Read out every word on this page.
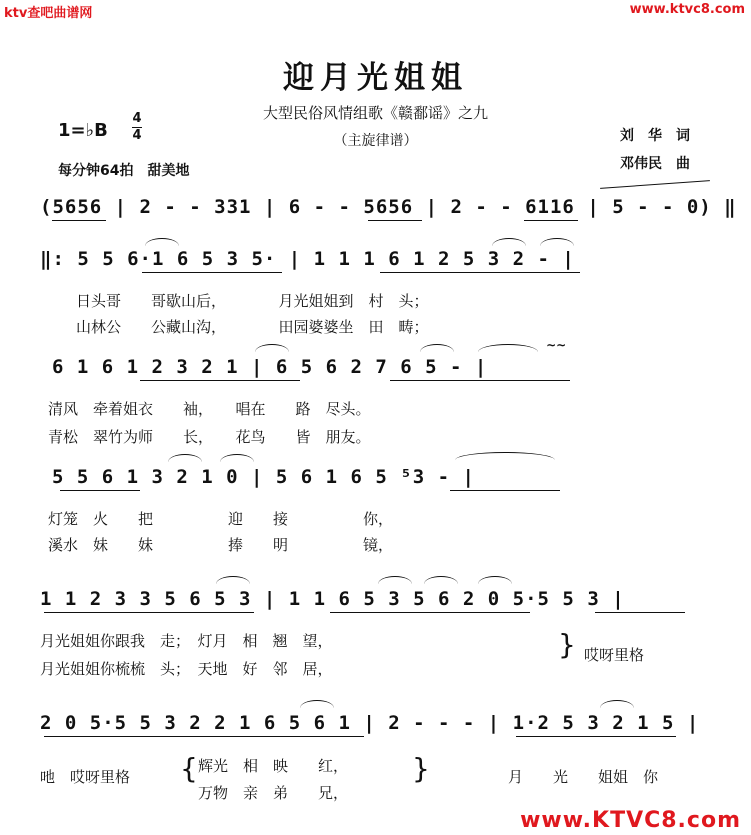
ktv查吧曲谱网	www.ktvc8.com
www.KTVC8.com
迎月光姐姐
大型民俗风情组歌《赣鄱谣》之九
（主旋律谱）
1=♭B
4
4
每分钟64拍　甜美地
刘　华　词
邓伟民　曲
(5656 | 2 - - 331 | 6 - - 5656 | 2 - - 6116 | 5 - - 0) ‖
‖: 5 5 6·1 6 5 3 5· | 1 1 1 6 1 2 5 3 2 - |
日头哥　　哥歇山后，　　　　月光姐姐到　村　头；
山林公　　公藏山沟，　　　　田园婆婆坐　田　畴；
6 1 6 1 2 3 2 1 | 6 5 6 2 7 6 5 - |
∼∼
清风　牵着姐衣　　袖，　　唱在　　路　尽头。
青松　翠竹为师　　长，　　花鸟　　皆　朋友。
5 5 6 1 3 2 1 0 | 5 6 1 6 5 ⁵3 - |
灯笼　火　　把　　　　　迎　　接　　　　　你，
溪水　妹　　妹　　　　　捧　　明　　　　　镜，
1 1 2 3 3 5 6 5 3 | 1 1 6 5 3 5 6 2 0 5·5 5 3 |
月光姐姐你跟我　走；　灯月　相　翘　望，
月光姐姐你梳梳　头；　天地　好　邻　居，
} 哎呀里格
2 0 5·5 5 3 2 2 1 6 5 6 1 | 2 - - - | 1·2 5 3 2 1 5 |
吔　哎呀里格 { 辉光　相　映　　红，
万物　亲　弟　　兄，
}	月　　光　　姐姐　你
